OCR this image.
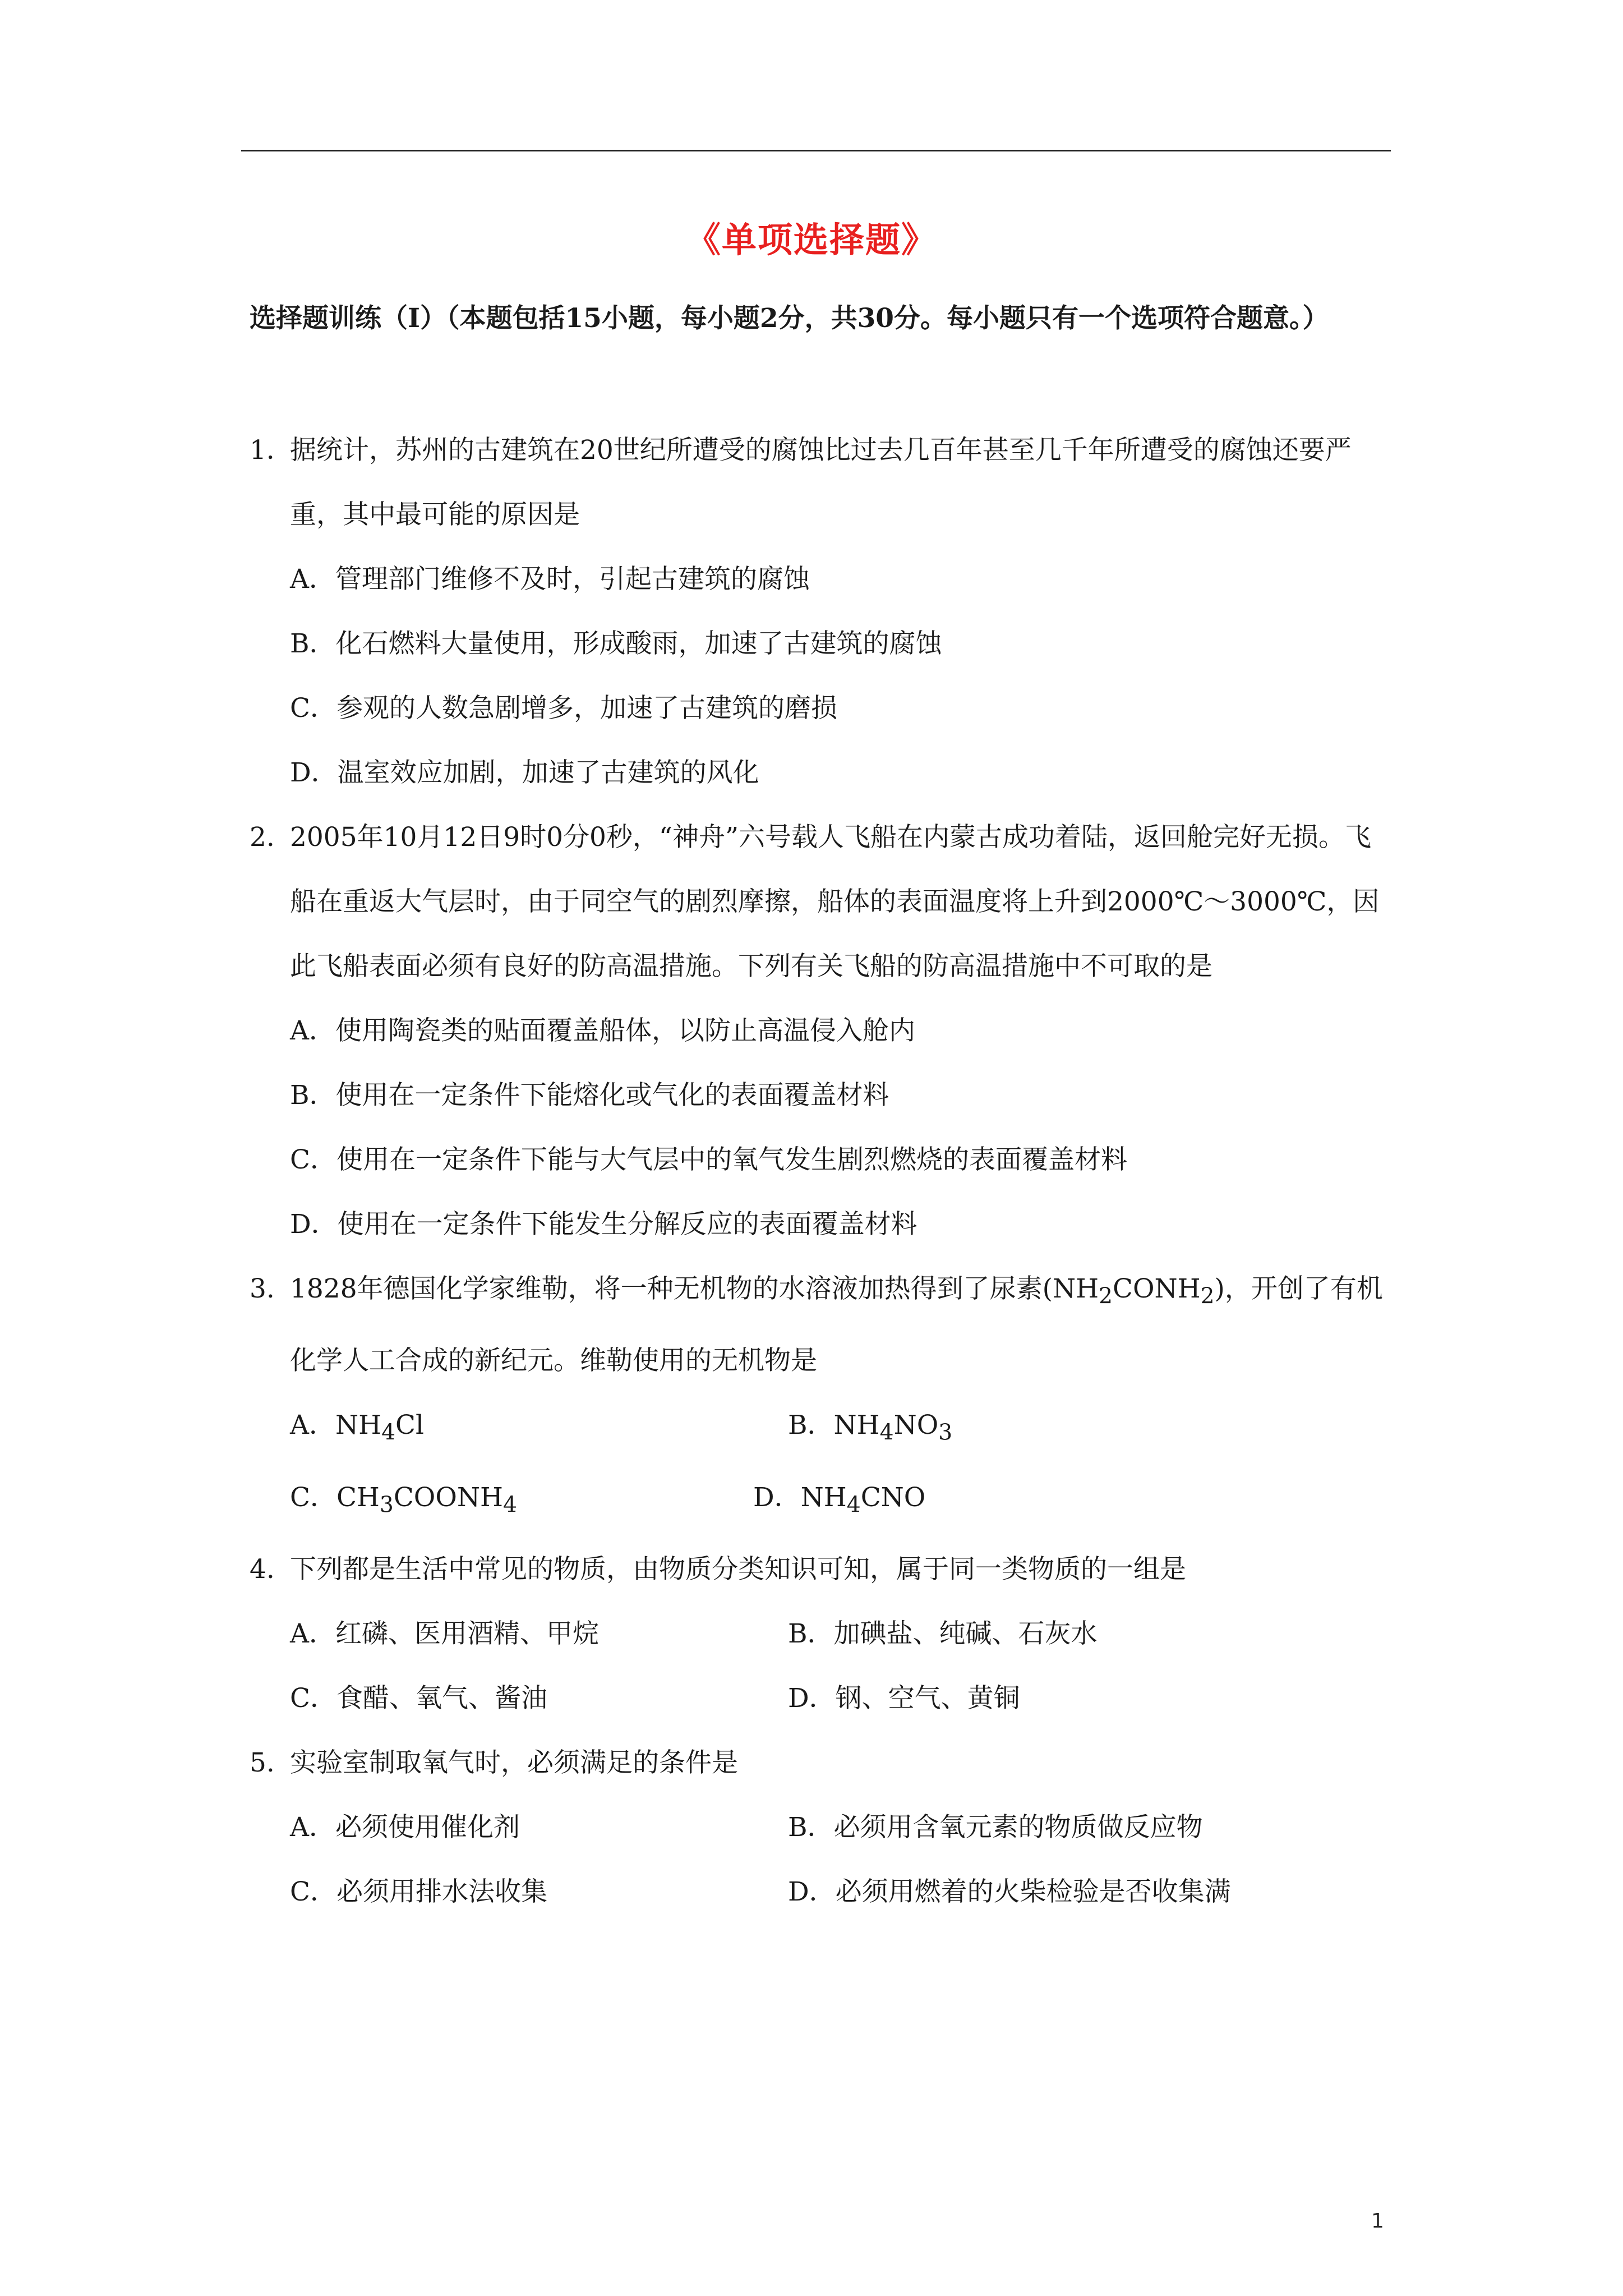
《单项选择题》
选择题训练（I）（本题包括15小题，每小题2分，共30分。每小题只有一个选项符合题意。）
1．据统计，苏州的古建筑在20世纪所遭受的腐蚀比过去几百年甚至几千年所遭受的腐蚀还要严重，其中最可能的原因是
A．管理部门维修不及时，引起古建筑的腐蚀
B．化石燃料大量使用，形成酸雨，加速了古建筑的腐蚀
C．参观的人数急剧增多，加速了古建筑的磨损
D．温室效应加剧，加速了古建筑的风化
2. 2005年10月12日9时0分0秒，“神舟”六号载人飞船在内蒙古成功着陆，返回舱完好无损。飞船在重返大气层时，由于同空气的剧烈摩擦，船体的表面温度将上升到2000℃～3000℃，因此飞船表面必须有良好的防高温措施。下列有关飞船的防高温措施中不可取的是
A．使用陶瓷类的贴面覆盖船体，以防止高温侵入舱内
B．使用在一定条件下能熔化或气化的表面覆盖材料
C．使用在一定条件下能与大气层中的氧气发生剧烈燃烧的表面覆盖材料
D．使用在一定条件下能发生分解反应的表面覆盖材料
3. 1828年德国化学家维勒，将一种无机物的水溶液加热得到了尿素$(NH_2CONH_2)$，开创了有机化学人工合成的新纪元。维勒使用的无机物是
A．$NH_4Cl$	B．$NH_4NO_3$
C．$CH_3COONH_4$	D．$NH_4CNO$
4. 下列都是生活中常见的物质，由物质分类知识可知，属于同一类物质的一组是
A．红磷、医用酒精、甲烷	B．加碘盐、纯碱、石灰水
C．食醋、氧气、酱油	D．钢、空气、黄铜
5. 实验室制取氧气时，必须满足的条件是
A．必须使用催化剂	B．必须用含氧元素的物质做反应物
C．必须用排水法收集	D．必须用燃着的火柴检验是否收集满
1
